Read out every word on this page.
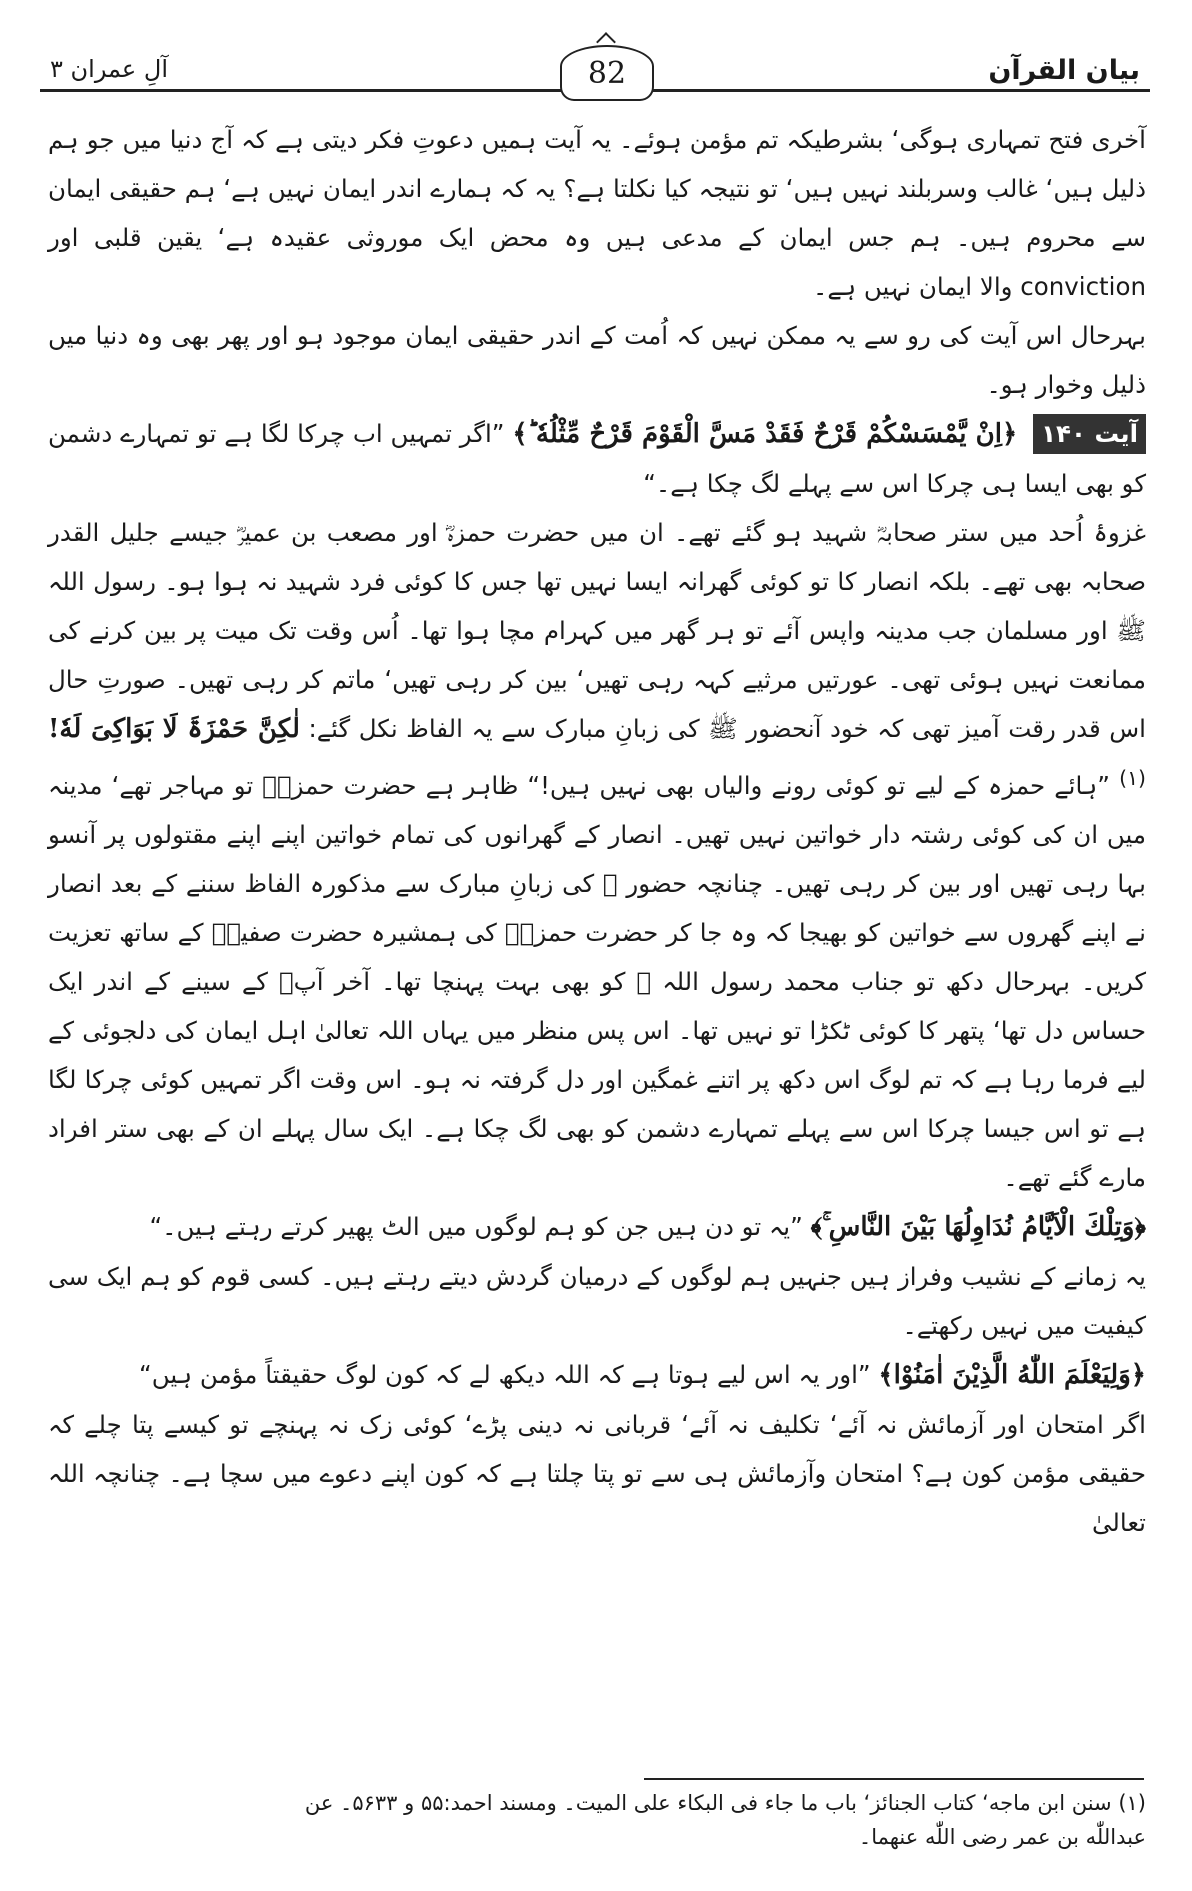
بیان القرآن
82
آلِ عمران ۳

آخری فتح تمہاری ہوگی‘ بشرطیکہ تم مؤمن ہوئے۔ یہ آیت ہمیں دعوتِ فکر دیتی ہے کہ آج دنیا میں جو ہم ذلیل ہیں‘ غالب وسربلند نہیں ہیں‘ تو نتیجہ کیا نکلتا ہے؟ یہ کہ ہمارے اندر ایمان نہیں ہے‘ ہم حقیقی ایمان سے محروم ہیں۔ ہم جس ایمان کے مدعی ہیں وہ محض ایک موروثی عقیدہ ہے‘ یقین قلبی اور conviction والا ایمان نہیں ہے۔

بہرحال اس آیت کی رو سے یہ ممکن نہیں کہ اُمت کے اندر حقیقی ایمان موجود ہو اور پھر بھی وہ دنیا میں ذلیل وخوار ہو۔

آیت ۱۴۰ ﴿اِنْ یَّمْسَسْكُمْ قَرْحٌ فَقَدْ مَسَّ الْقَوْمَ قَرْحٌ مِّثْلُهٗ ؕ﴾ ”اگر تمہیں اب چرکا لگا ہے تو تمہارے دشمن کو بھی ایسا ہی چرکا اس سے پہلے لگ چکا ہے۔“

غزوۂ اُحد میں ستر صحابہؓ شہید ہو گئے تھے۔ ان میں حضرت حمزہؓ اور مصعب بن عمیرؓ جیسے جلیل القدر صحابہ بھی تھے۔ بلکہ انصار کا تو کوئی گھرانہ ایسا نہیں تھا جس کا کوئی فرد شہید نہ ہوا ہو۔ رسول اللہ ﷺ اور مسلمان جب مدینہ واپس آئے تو ہر گھر میں کہرام مچا ہوا تھا۔ اُس وقت تک میت پر بین کرنے کی ممانعت نہیں ہوئی تھی۔ عورتیں مرثیے کہہ رہی تھیں‘ بین کر رہی تھیں‘ ماتم کر رہی تھیں۔ صورتِ حال اس قدر رقت آمیز تھی کہ خود آنحضور ﷺ کی زبانِ مبارک سے یہ الفاظ نکل گئے: لٰکِنَّ حَمْزَۃَ لَا بَوَاکِیَ لَهٗ! $^{(۱)}$ ”ہائے حمزہ کے لیے تو کوئی رونے والیاں بھی نہیں ہیں!“ ظاہر ہے حضرت حمزہؓ تو مہاجر تھے‘ مدینہ میں ان کی کوئی رشتہ دار خواتین نہیں تھیں۔ انصار کے گھرانوں کی تمام خواتین اپنے اپنے مقتولوں پر آنسو بہا رہی تھیں اور بین کر رہی تھیں۔ چنانچہ حضور ﷺ کی زبانِ مبارک سے مذکورہ الفاظ سننے کے بعد انصار نے اپنے گھروں سے خواتین کو بھیجا کہ وہ جا کر حضرت حمزہؓ کی ہمشیرہ حضرت صفیہؓ کے ساتھ تعزیت کریں۔ بہرحال دکھ تو جناب محمد رسول اللہ ﷺ کو بھی بہت پہنچا تھا۔ آخر آپؐ کے سینے کے اندر ایک حساس دل تھا‘ پتھر کا کوئی ٹکڑا تو نہیں تھا۔ اس پس منظر میں یہاں اللہ تعالیٰ اہل ایمان کی دلجوئی کے لیے فرما رہا ہے کہ تم لوگ اس دکھ پر اتنے غمگین اور دل گرفتہ نہ ہو۔ اس وقت اگر تمہیں کوئی چرکا لگا ہے تو اس جیسا چرکا اس سے پہلے تمہارے دشمن کو بھی لگ چکا ہے۔ ایک سال پہلے ان کے بھی ستر افراد مارے گئے تھے۔

﴿وَتِلْكَ الْاَیَّامُ نُدَاوِلُهَا بَیْنَ النَّاسِ ۚ﴾ ”یہ تو دن ہیں جن کو ہم لوگوں میں الٹ پھیر کرتے رہتے ہیں۔“

یہ زمانے کے نشیب وفراز ہیں جنہیں ہم لوگوں کے درمیان گردش دیتے رہتے ہیں۔ کسی قوم کو ہم ایک سی کیفیت میں نہیں رکھتے۔

﴿وَلِیَعْلَمَ اللّٰهُ الَّذِیْنَ اٰمَنُوْا﴾ ”اور یہ اس لیے ہوتا ہے کہ اللہ دیکھ لے کہ کون لوگ حقیقتاً مؤمن ہیں“

اگر امتحان اور آزمائش نہ آئے‘ تکلیف نہ آئے‘ قربانی نہ دینی پڑے‘ کوئی زک نہ پہنچے تو کیسے پتا چلے کہ حقیقی مؤمن کون ہے؟ امتحان وآزمائش ہی سے تو پتا چلتا ہے کہ کون اپنے دعوے میں سچا ہے۔ چنانچہ اللہ تعالیٰ

(۱) سنن ابن ماجه‘ کتاب الجنائز‘ باب ما جاء فی البکاء علی المیت۔ ومسند احمد:۵۵ و ۵۶۳۳۔ عن

عبداللّٰه بن عمر رضی اللّٰه عنهما۔
